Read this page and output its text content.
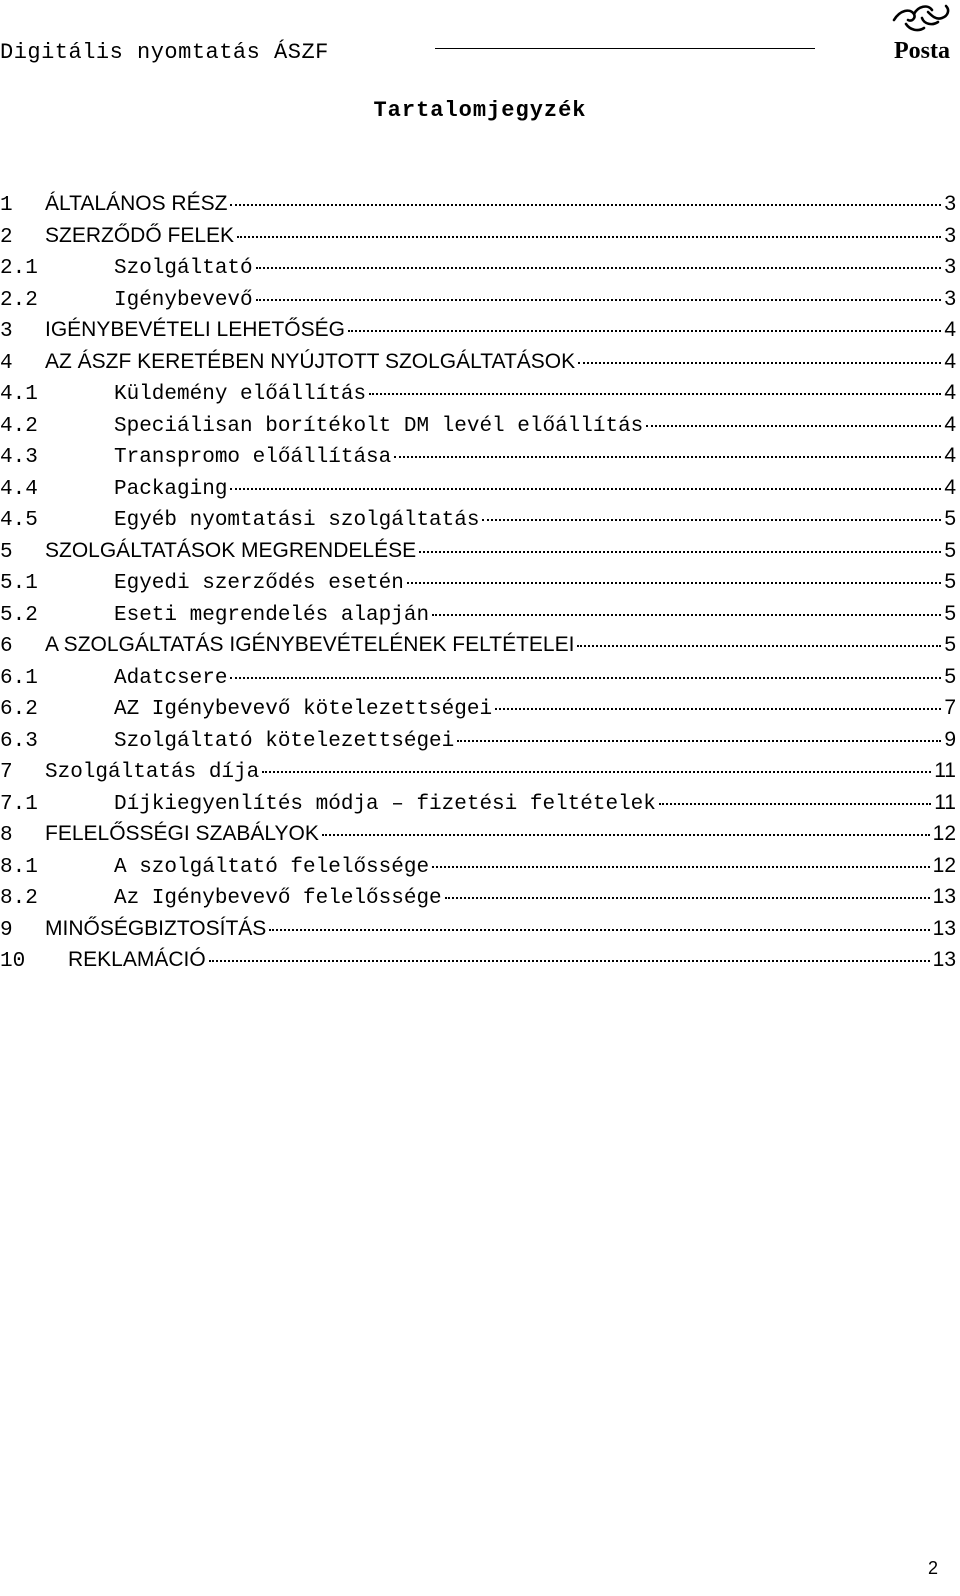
Digitális nyomtatás ÁSZF	Posta
Tartalomjegyzék
1	ÁLTALÁNOS RÉSZ	3
2	SZERZŐDŐ FELEK	3
2.1	Szolgáltató	3
2.2	Igénybevevő	3
3	IGÉNYBEVÉTELI LEHETŐSÉG	4
4	AZ ÁSZF KERETÉBEN NYÚJTOTT SZOLGÁLTATÁSOK	4
4.1	Küldemény előállítás	4
4.2	Speciálisan borítékolt DM levél előállítás	4
4.3	Transpromo előállítása	4
4.4	Packaging	4
4.5	Egyéb nyomtatási szolgáltatás	5
5	SZOLGÁLTATÁSOK MEGRENDELÉSE	5
5.1	Egyedi szerződés esetén	5
5.2	Eseti megrendelés alapján	5
6	A SZOLGÁLTATÁS IGÉNYBEVÉTELÉNEK FELTÉTELEI	5
6.1	Adatcsere	5
6.2	AZ Igénybevevő kötelezettségei	7
6.3	Szolgáltató kötelezettségei	9
7	Szolgáltatás díja	11
7.1	Díjkiegyenlítés módja – fizetési feltételek	11
8	FELELŐSSÉGI SZABÁLYOK	12
8.1	A szolgáltató felelőssége	12
8.2	Az Igénybevevő felelőssége	13
9	MINŐSÉGBIZTOSÍTÁS	13
10	REKLAMÁCIÓ	13
2
